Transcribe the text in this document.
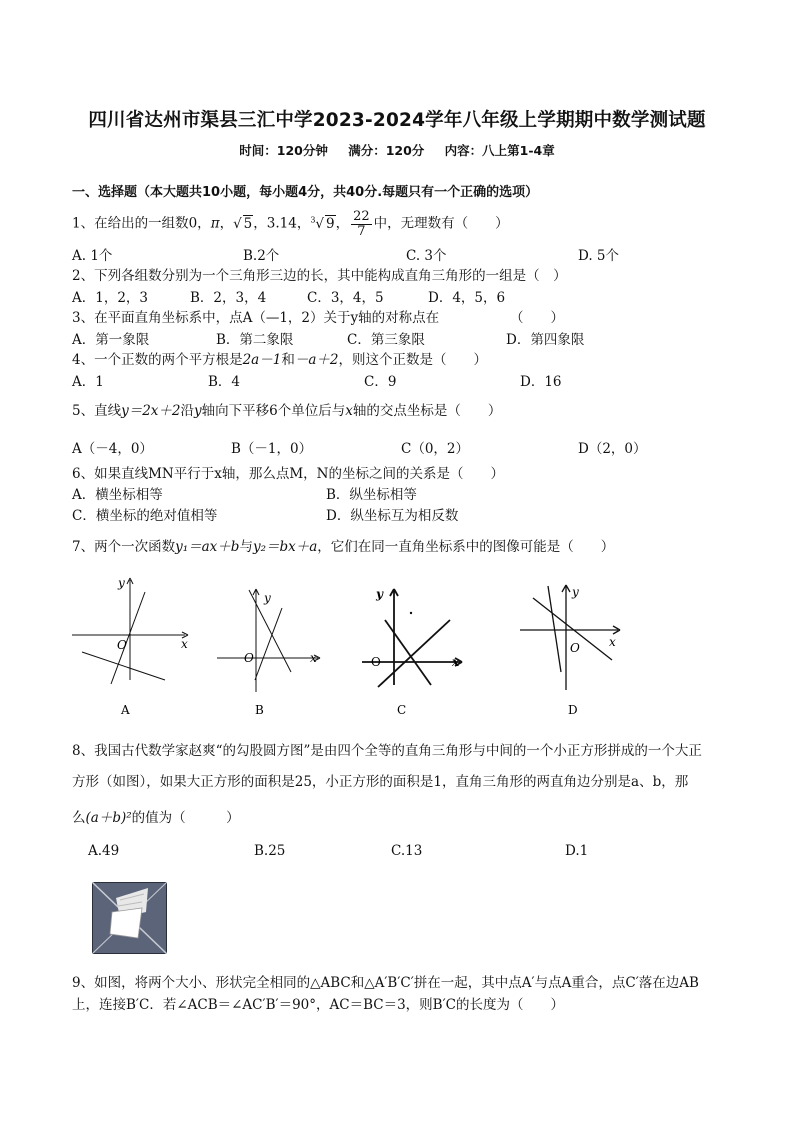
四川省达州市渠县三汇中学2023-2024学年八年级上学期期中数学测试题
时间：120分钟 满分：120分 内容：八上第1-4章
一、选择题（本大题共10小题，每小题4分，共40分.每题只有一个正确的选项）
1、在给出的一组数0，π，√ 5，3.14，$^3$√ 9， $\frac{22}{7}$ 中，无理数有（　　）
A. 1个	B.2个	C. 3个	D. 5个
2、下列各组数分别为一个三角形三边的长，其中能构成直角三角形的一组是（　）
A．1，2，3	B．2，3，4	C．3，4，5	D．4，5，6
3、在平面直角坐标系中，点A（—1，2）关于y轴的对称点在	（　　）
A．第一象限	B．第二象限	C．第三象限	D．第四象限
4、一个正数的两个平方根是2a－1和－a＋2，则这个正数是（　　）
A．1	B．4	C．9	D．16
5、直线y＝2x＋2沿y轴向下平移6个单位后与x轴的交点坐标是（　　）
A（－4，0）	B（－1，0）	C（0，2）	D（2，0）
6、如果直线MN平行于x轴，那么点M，N的坐标之间的关系是（　　）
A．横坐标相等	B．纵坐标相等
C．横坐标的绝对值相等	D．纵坐标互为相反数
7、两个一次函数y₁＝ax＋b与y₂＝bx＋a，它们在同一直角坐标系中的图像可能是（　　）
y
x
O
y
x
O
y
x
O
y
x
O
A	B	C	D
8、我国古代数学家赵爽“的勾股圆方图”是由四个全等的直角三角形与中间的一个小正方形拼成的一个大正
方形（如图），如果大正方形的面积是25，小正方形的面积是1，直角三角形的两直角边分别是a、b，那
么(a＋b)²的值为（　　　）
A.49	B.25	C.13	D.1
9、如图，将两个大小、形状完全相同的△ABC和△A′B′C′拼在一起，其中点A′与点A重合，点C′落在边AB
上，连接B′C．若∠ACB＝∠AC′B′＝90°，AC＝BC＝3，则B′C的长度为（　　）
